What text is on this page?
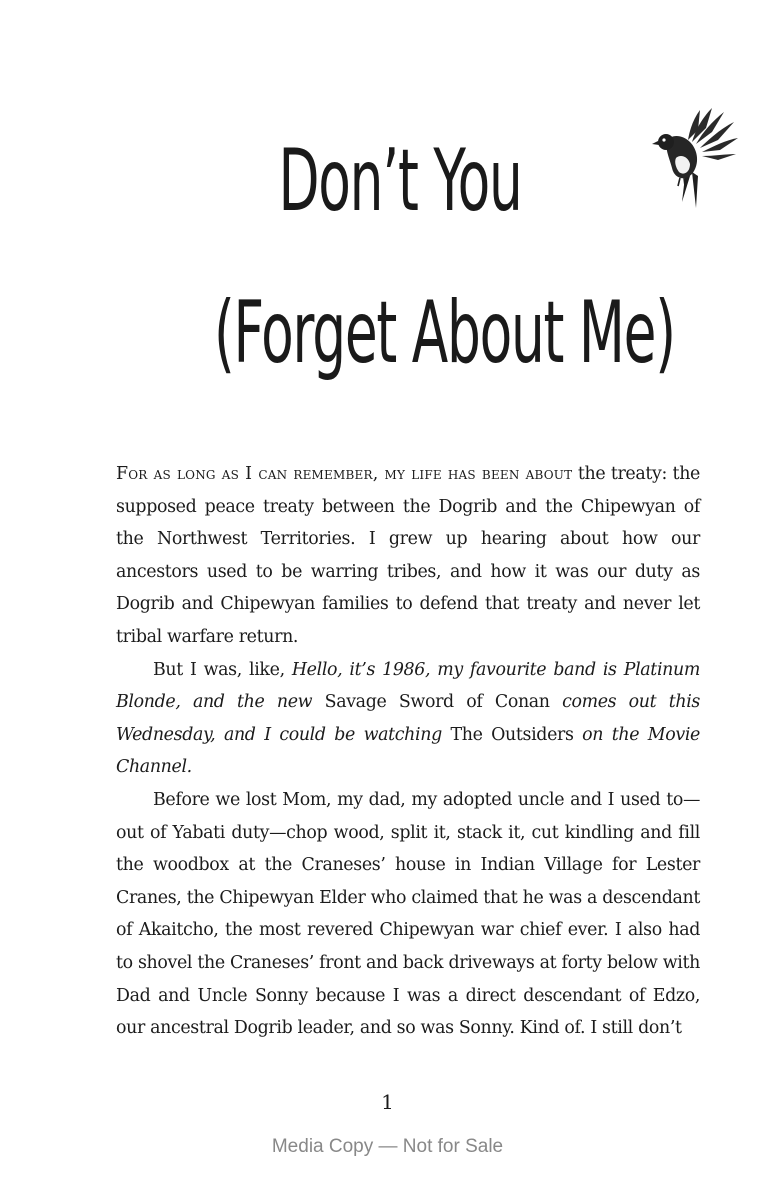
Don’t You
(Forget About Me)

For as long as I can remember, my life has been about the treaty: the supposed peace treaty between the Dogrib and the Chipewyan of the Northwest Territories. I grew up hearing about how our ancestors used to be warring tribes, and how it was our duty as Dogrib and Chipewyan families to defend that treaty and never let tribal warfare return.

But I was, like, Hello, it’s 1986, my favourite band is Platinum Blonde, and the new Savage Sword of Conan comes out this Wednesday, and I could be watching The Outsiders on the Movie Channel.

Before we lost Mom, my dad, my adopted uncle and I used to—out of Yabati duty—chop wood, split it, stack it, cut kindling and fill the woodbox at the Craneses’ house in Indian Village for Lester Cranes, the Chipewyan Elder who claimed that he was a descendant of Akaitcho, the most revered Chipewyan war chief ever. I also had to shovel the Craneses’ front and back driveways at forty below with Dad and Uncle Sonny because I was a direct descendant of Edzo, our ancestral Dogrib leader, and so was Sonny. Kind of. I still don’t

1
Media Copy — Not for Sale
